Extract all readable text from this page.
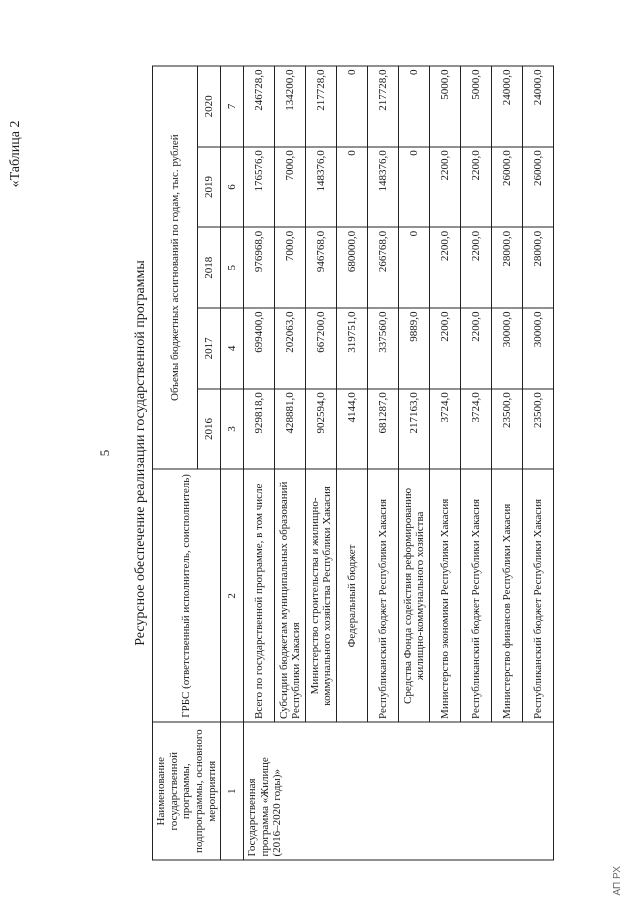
«Таблица 2
5 Ресурсное обеспечение реализации государственной программы
Наименование государственной программы, подпрограммы, основного мероприятия	ГРБС (ответственный исполнитель, соисполнитель)	Объемы бюджетных ассигнований по годам, тыс. рублей				
		2016	2017	2018	2019	2020
1	2	3	4	5	6	7
Государственная программа «Жилище (2016–2020 годы)»	Всего по государственной программе, в том числе	929818,0	699400,0	976968,0	176576,0	246728,0
	Субсидии бюджетам муниципальных образований Республики Хакасия	428881,0	202063,0	7000,0	7000,0	134200,0
	Министерство строительства и жилищно-коммунального хозяйства Республики Хакасия	902594,0	667200,0	946768,0	148376,0	217728,0
	Федеральный бюджет	4144,0	319751,0	680000,0	0	0
	Республиканский бюджет Республики Хакасия	681287,0	337560,0	266768,0	148376,0	217728,0
	Средства Фонда содействия реформированию жилищно-коммунального хозяйства	217163,0	9889,0	0	0	0
	Министерство экономики Республики Хакасия	3724,0	2200,0	2200,0	2200,0	5000,0
	Республиканский бюджет Республики Хакасия	3724,0	2200,0	2200,0	2200,0	5000,0
	Министерство финансов Республики Хакасия	23500,0	30000,0	28000,0	26000,0	24000,0
	Республиканский бюджет Республики Хакасия	23500,0	30000,0	28000,0	26000,0	24000,0
АП РХ
